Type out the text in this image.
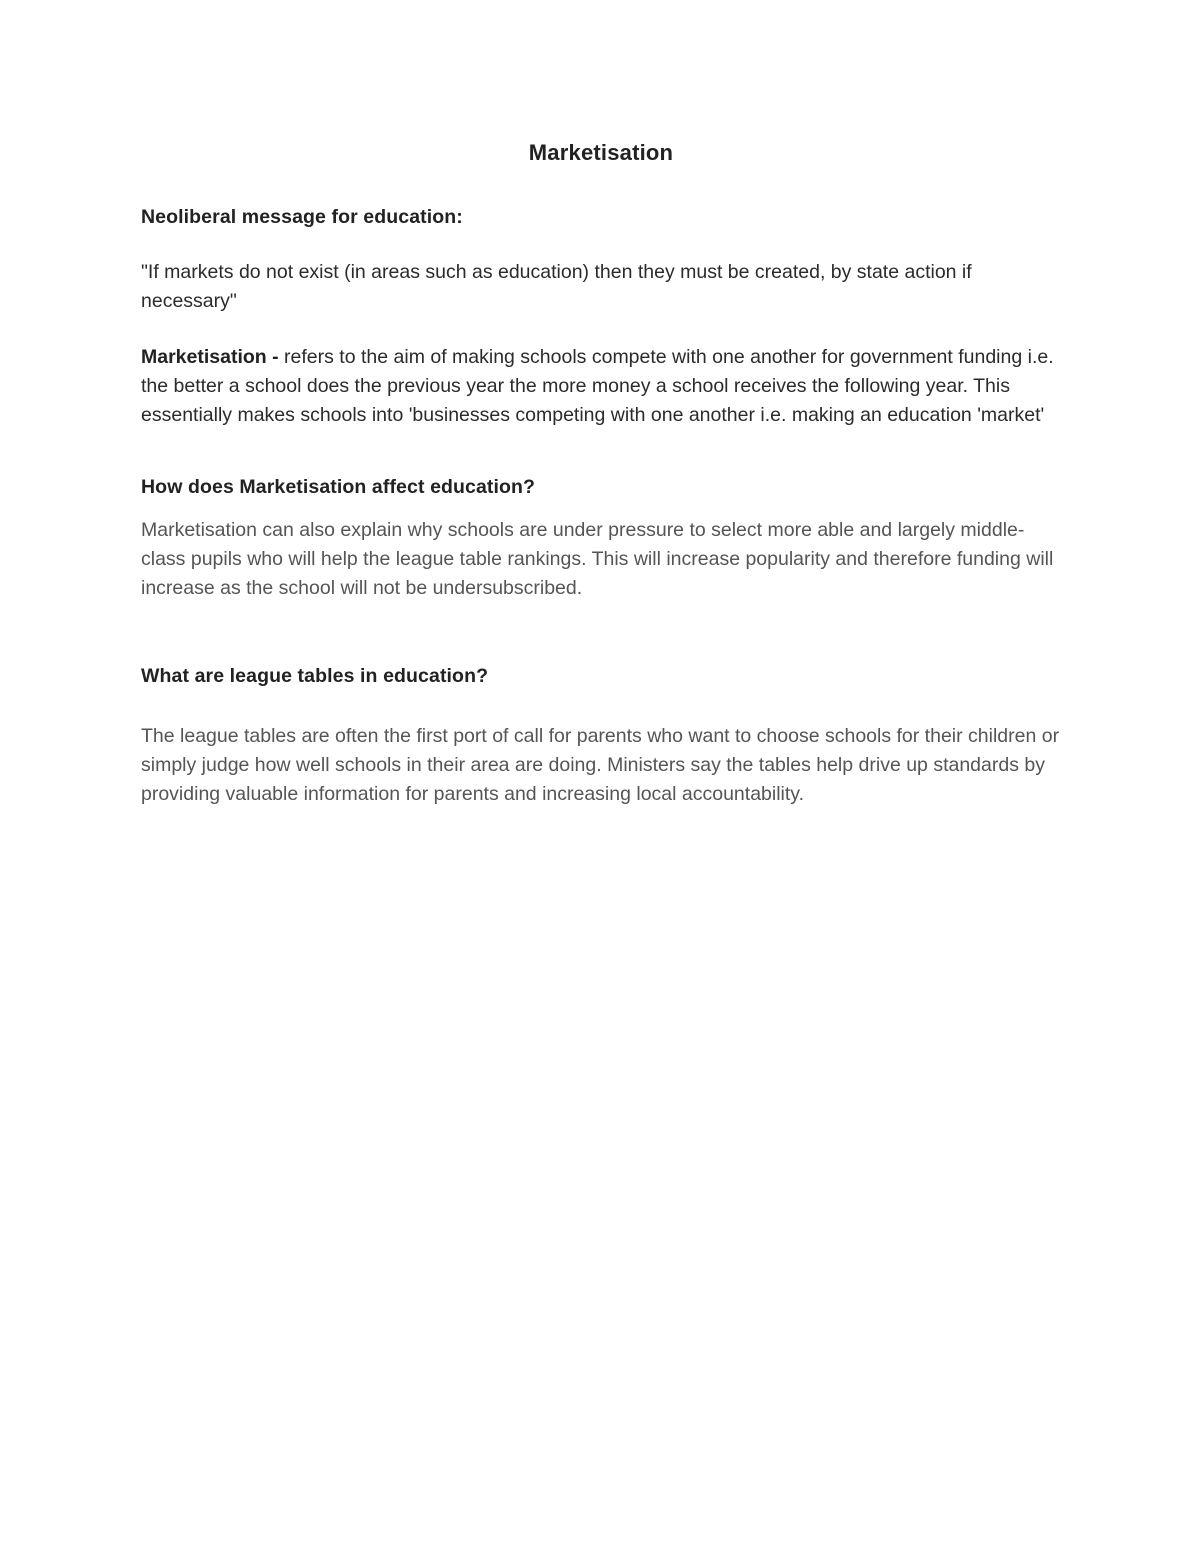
Marketisation
Neoliberal message for education:

"If markets do not exist (in areas such as education) then they must be created, by state action if necessary"

Marketisation - refers to the aim of making schools compete with one another for government funding i.e. the better a school does the previous year the more money a school receives the following year. This essentially makes schools into 'businesses competing with one another i.e. making an education 'market'

How does Marketisation affect education?

Marketisation can also explain why schools are under pressure to select more able and largely middle-class pupils who will help the league table rankings. This will increase popularity and therefore funding will increase as the school will not be undersubscribed.

What are league tables in education?

The league tables are often the first port of call for parents who want to choose schools for their children or simply judge how well schools in their area are doing. Ministers say the tables help drive up standards by providing valuable information for parents and increasing local accountability.
